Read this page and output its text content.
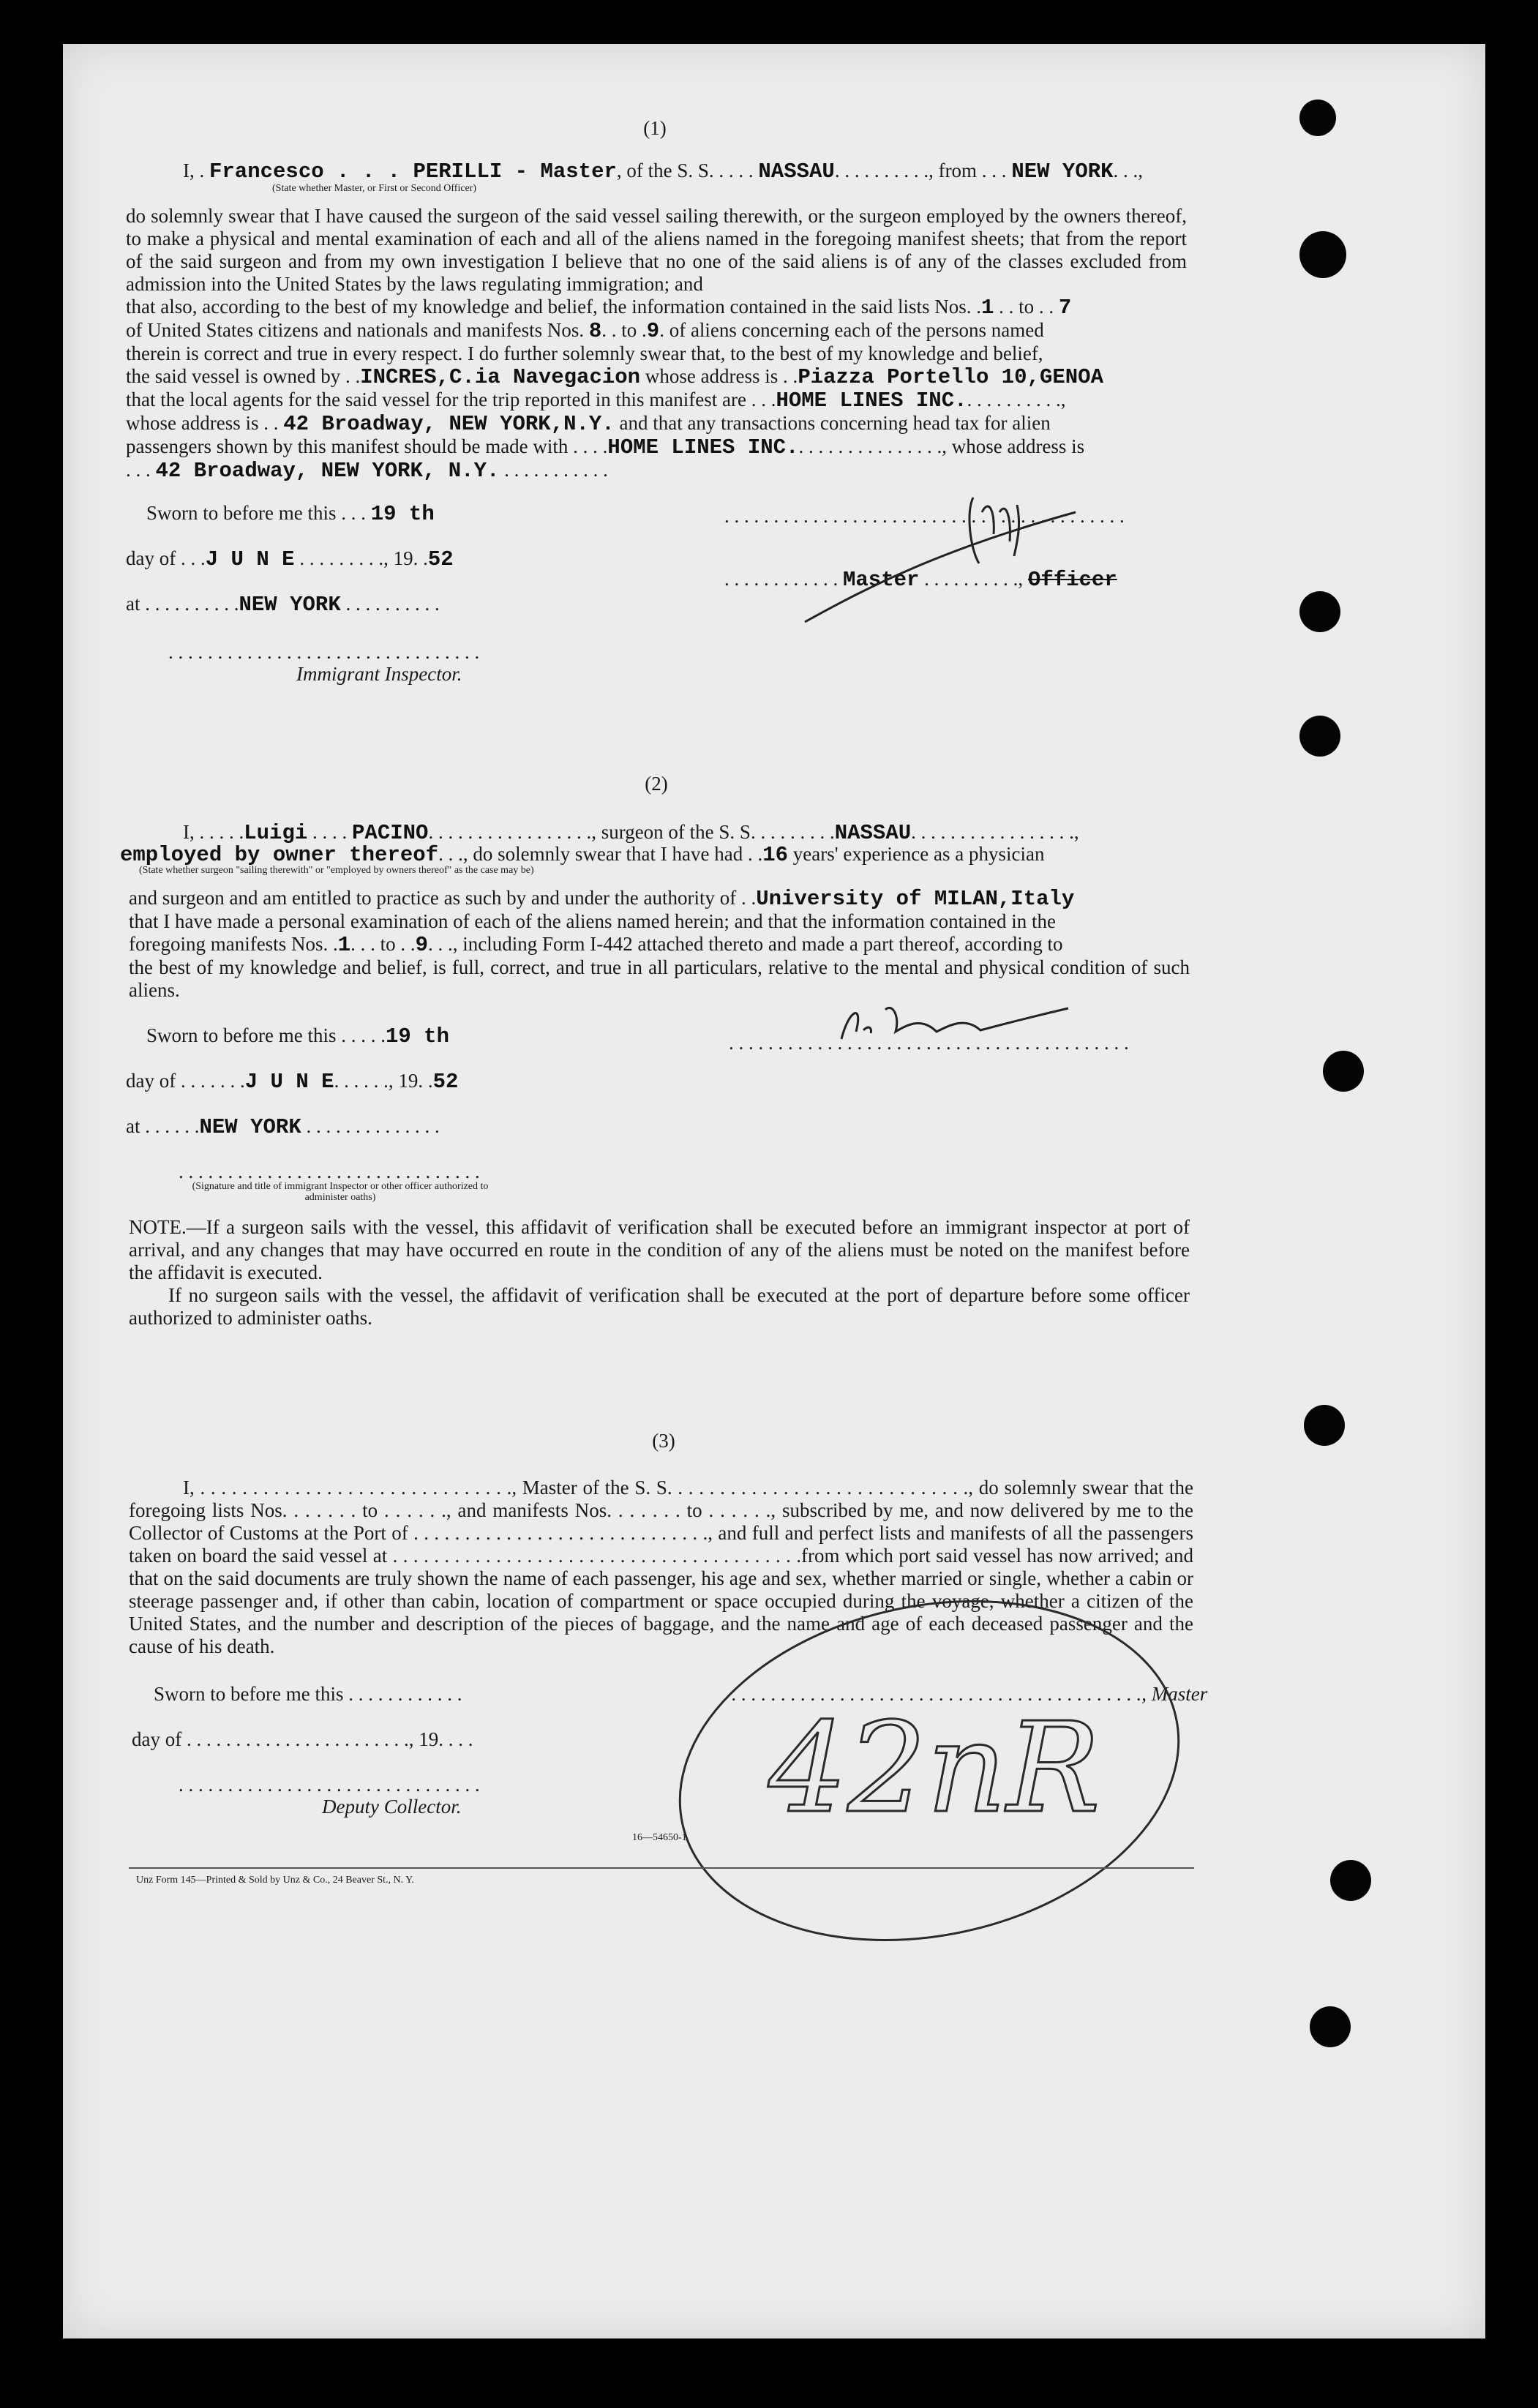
(1)
I, . Francesco . . . PERILLI - Master, of the S. S. . . . . NASSAU. . . . . . . . . ., from . . . NEW YORK. . .,
(State whether Master, or First or Second Officer)

do solemnly swear that I have caused the surgeon of the said vessel sailing therewith, or the surgeon employed by the owners thereof, to make a physical and mental examination of each and all of the aliens named in the foregoing manifest sheets; that from the report of the said surgeon and from my own investigation I believe that no one of the said aliens is of any of the classes excluded from admission into the United States by the laws regulating immigration; and

that also, according to the best of my knowledge and belief, the information contained in the said lists Nos. .1 . . to . . 7

of United States citizens and nationals and manifests Nos. 8. . to .9. of aliens concerning each of the persons named

therein is correct and true in every respect. I do further solemnly swear that, to the best of my knowledge and belief,

the said vessel is owned by . .INCRES,C.ia Navegacion whose address is . .Piazza Portello 10,GENOA

that the local agents for the said vessel for the trip reported in this manifest are . . .HOME LINES INC.. . . . . . . . . .,

whose address is . . 42 Broadway, NEW YORK,N.Y. and that any transactions concerning head tax for alien

passengers shown by this manifest should be made with . . . .HOME LINES INC.. . . . . . . . . . . . . . ., whose address is

. . . 42 Broadway, NEW YORK, N.Y. . . . . . . . . . . .

Sworn to before me this . . . 19 th
day of . . .J U N E . . . . . . . . ., 19. .52
at . . . . . . . . . .NEW YORK . . . . . . . . . .
. . . . . . . . . . . . . . . . . . . . . . . . . . . . . . . .
Immigrant Inspector.
. . . . . . . . . . . . . . . . . . . . . . . . . . . . . . . . . . . . . . . . .
. . . . . . . . . . . . Master . . . . . . . . . ., Officer
(2)
I, . . . . .Luigi . . . . PACINO. . . . . . . . . . . . . . . . ., surgeon of the S. S. . . . . . . . .NASSAU. . . . . . . . . . . . . . . . .,
employed by owner thereof. . ., do solemnly swear that I have had . .16 years' experience as a physician
(State whether surgeon "sailing therewith" or "employed by owners thereof" as the case may be)

and surgeon and am entitled to practice as such by and under the authority of . .University of MILAN,Italy

that I have made a personal examination of each of the aliens named herein; and that the information contained in the

foregoing manifests Nos. .1. . . to . .9. . ., including Form I-442 attached thereto and made a part thereof, according to

the best of my knowledge and belief, is full, correct, and true in all particulars, relative to the mental and physical condition of such aliens.

Sworn to before me this . . . . .19 th
day of . . . . . . .J U N E. . . . . ., 19. .52
at . . . . . .NEW YORK . . . . . . . . . . . . . .
. . . . . . . . . . . . . . . . . . . . . . . . . . . . . . .
(Signature and title of immigrant Inspector or other officer authorized to administer oaths)
. . . . . . . . . . . . . . . . . . . . . . . . . . . . . . . . . . . . . . . . .

NOTE.—If a surgeon sails with the vessel, this affidavit of verification shall be executed before an immigrant inspector at port of arrival, and any changes that may have occurred en route in the condition of any of the aliens must be noted on the manifest before the affidavit is executed.

If no surgeon sails with the vessel, the affidavit of verification shall be executed at the port of departure before some officer authorized to administer oaths.

(3)
I, . . . . . . . . . . . . . . . . . . . . . . . . . . . . . ., Master of the S. S. . . . . . . . . . . . . . . . . . . . . . . . . . . . ., do solemnly swear that the foregoing lists Nos. . . . . . . to . . . . . ., and manifests Nos. . . . . . . to . . . . . ., subscribed by me, and now delivered by me to the Collector of Customs at the Port of . . . . . . . . . . . . . . . . . . . . . . . . . . . . ., and full and perfect lists and manifests of all the passengers taken on board the said vessel at . . . . . . . . . . . . . . . . . . . . . . . . . . . . . . . . . . . . . . . .from which port said vessel has now arrived; and that on the said documents are truly shown the name of each passenger, his age and sex, whether married or single, whether a cabin or steerage passenger and, if other than cabin, location of compartment or space occupied during the voyage, whether a citizen of the United States, and the number and description of the pieces of baggage, and the name and age of each deceased passenger and the cause of his death.
Sworn to before me this . . . . . . . . . . . .
day of . . . . . . . . . . . . . . . . . . . . . . ., 19. . . .
. . . . . . . . . . . . . . . . . . . . . . . . . . . . . . .
Deputy Collector.
. . . . . . . . . . . . . . . . . . . . . . . . . . . . . . . . . . . . . . . . . ., Master
16—54650-1 42nR
Unz Form 145—Printed & Sold by Unz & Co., 24 Beaver St., N. Y.
